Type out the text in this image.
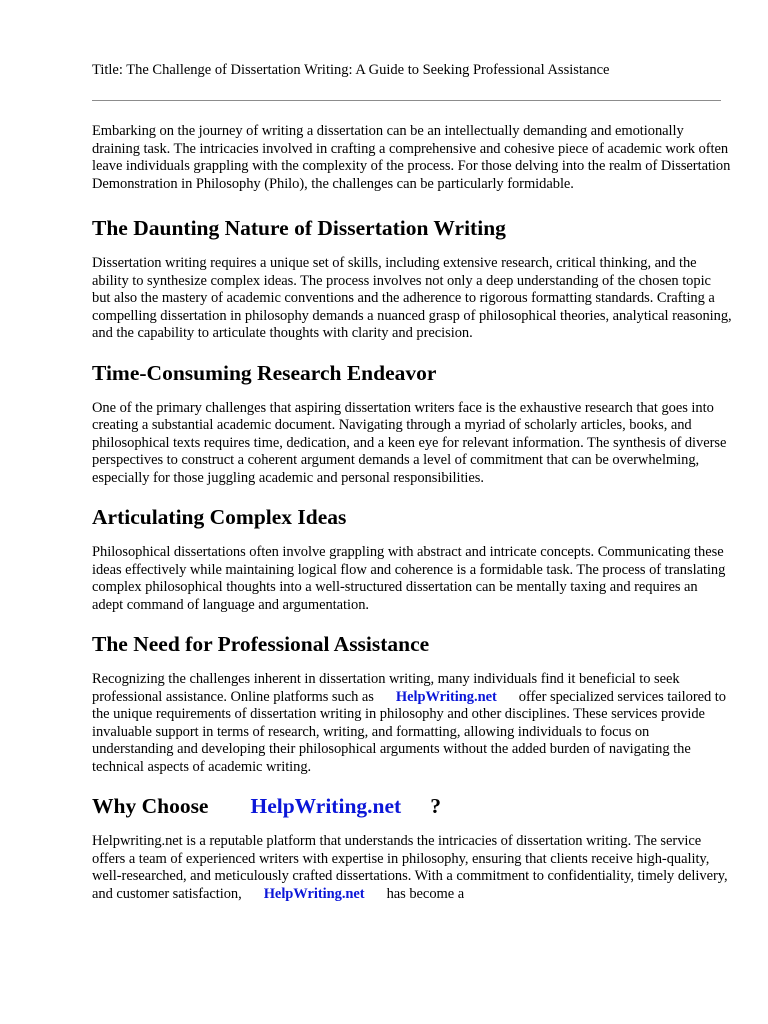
Title: The Challenge of Dissertation Writing: A Guide to Seeking Professional Assistance

Embarking on the journey of writing a dissertation can be an intellectually demanding and emotionally draining task. The intricacies involved in crafting a comprehensive and cohesive piece of academic work often leave individuals grappling with the complexity of the process. For those delving into the realm of Dissertation Demonstration in Philosophy (Philo), the challenges can be particularly formidable.

The Daunting Nature of Dissertation Writing

Dissertation writing requires a unique set of skills, including extensive research, critical thinking, and the ability to synthesize complex ideas. The process involves not only a deep understanding of the chosen topic but also the mastery of academic conventions and the adherence to rigorous formatting standards. Crafting a compelling dissertation in philosophy demands a nuanced grasp of philosophical theories, analytical reasoning, and the capability to articulate thoughts with clarity and precision.

Time-Consuming Research Endeavor

One of the primary challenges that aspiring dissertation writers face is the exhaustive research that goes into creating a substantial academic document. Navigating through a myriad of scholarly articles, books, and philosophical texts requires time, dedication, and a keen eye for relevant information. The synthesis of diverse perspectives to construct a coherent argument demands a level of commitment that can be overwhelming, especially for those juggling academic and personal responsibilities.

Articulating Complex Ideas

Philosophical dissertations often involve grappling with abstract and intricate concepts. Communicating these ideas effectively while maintaining logical flow and coherence is a formidable task. The process of translating complex philosophical thoughts into a well-structured dissertation can be mentally taxing and requires an adept command of language and argumentation.

The Need for Professional Assistance

Recognizing the challenges inherent in dissertation writing, many individuals find it beneficial to seek professional assistance. Online platforms such as HelpWriting.net offer specialized services tailored to the unique requirements of dissertation writing in philosophy and other disciplines. These services provide invaluable support in terms of research, writing, and formatting, allowing individuals to focus on understanding and developing their philosophical arguments without the added burden of navigating the technical aspects of academic writing.

Why Choose HelpWriting.net ?

Helpwriting.net is a reputable platform that understands the intricacies of dissertation writing. The service offers a team of experienced writers with expertise in philosophy, ensuring that clients receive high-quality, well-researched, and meticulously crafted dissertations. With a commitment to confidentiality, timely delivery, and customer satisfaction, HelpWriting.net has become a
